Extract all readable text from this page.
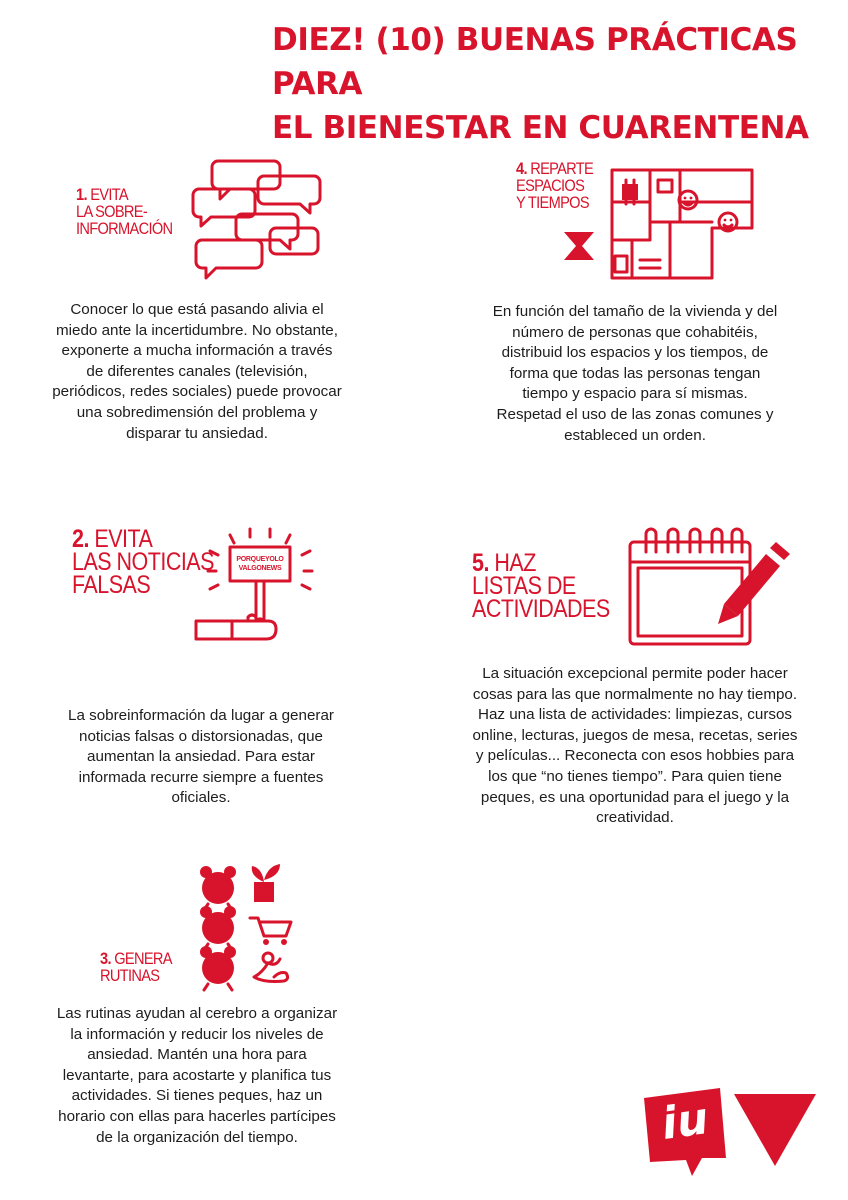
DIEZ! (10) BUENAS PRÁCTICAS PARA
EL BIENESTAR EN CUARENTENA
1. EVITA
LA SOBRE-
INFORMACIÓN
Conocer lo que está pasando alivia el miedo ante la incertidumbre. No obstante, exponerte a mucha información a través de diferentes canales (televisión, periódicos, redes sociales) puede provocar una sobredimensión del problema y disparar tu ansiedad.
4. REPARTE
ESPACIOS
Y TIEMPOS
En función del tamaño de la vivienda y del número de personas que cohabitéis, distribuid los espacios y los tiempos, de forma que todas las personas tengan tiempo y espacio para sí mismas. Respetad el uso de las zonas comunes y estableced un orden.
2. EVITA
LAS NOTICIAS
FALSAS
PORQUEYOLO
VALGONEWS
La sobreinformación da lugar a generar noticias falsas o distorsionadas, que aumentan la ansiedad. Para estar informada recurre siempre a fuentes oficiales.
5. HAZ
LISTAS DE
ACTIVIDADES
La situación excepcional permite poder hacer cosas para las que normalmente no hay tiempo. Haz una lista de actividades: limpiezas, cursos online, lecturas, juegos de mesa, recetas, series y películas... Reconecta con esos hobbies para los que “no tienes tiempo”. Para quien tiene peques, es una oportunidad para el juego y la creatividad.
3. GENERA
RUTINAS
Las rutinas ayudan al cerebro a organizar la información y reducir los niveles de ansiedad. Mantén una hora para levantarte, para acostarte y planifica tus actividades. Si tienes peques, haz un horario con ellas para hacerles partícipes de la organización del tiempo.	iu
